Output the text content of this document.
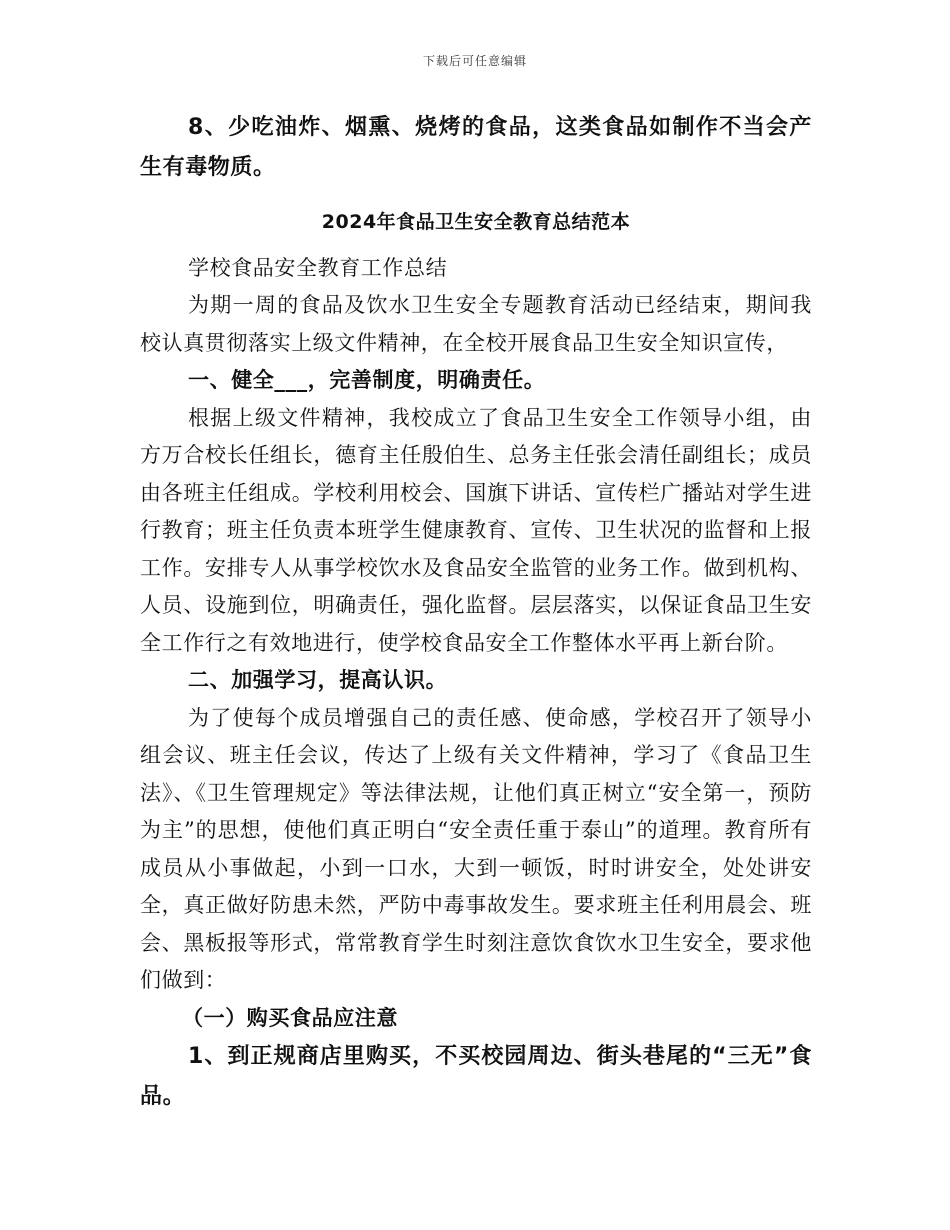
下载后可任意编辑

8、少吃油炸、烟熏、烧烤的食品，这类食品如制作不当会产生有毒物质。

2024年食品卫生安全教育总结范本

学校食品安全教育工作总结

为期一周的食品及饮水卫生安全专题教育活动已经结束，期间我校认真贯彻落实上级文件精神，在全校开展食品卫生安全知识宣传，

一、健全___，完善制度，明确责任。

根据上级文件精神，我校成立了食品卫生安全工作领导小组，由方万合校长任组长，德育主任殷伯生、总务主任张会清任副组长；成员由各班主任组成。学校利用校会、国旗下讲话、宣传栏广播站对学生进行教育；班主任负责本班学生健康教育、宣传、卫生状况的监督和上报工作。安排专人从事学校饮水及食品安全监管的业务工作。做到机构、人员、设施到位，明确责任，强化监督。层层落实，以保证食品卫生安全工作行之有效地进行，使学校食品安全工作整体水平再上新台阶。

二、加强学习，提高认识。

为了使每个成员增强自己的责任感、使命感，学校召开了领导小组会议、班主任会议，传达了上级有关文件精神，学习了《食品卫生法》、《卫生管理规定》等法律法规，让他们真正树立“安全第一，预防为主”的思想，使他们真正明白“安全责任重于泰山”的道理。教育所有成员从小事做起，小到一口水，大到一顿饭，时时讲安全，处处讲安全，真正做好防患未然，严防中毒事故发生。要求班主任利用晨会、班会、黑板报等形式，常常教育学生时刻注意饮食饮水卫生安全，要求他们做到：

（一）购买食品应注意

1、到正规商店里购买，不买校园周边、街头巷尾的“三无”食品。
